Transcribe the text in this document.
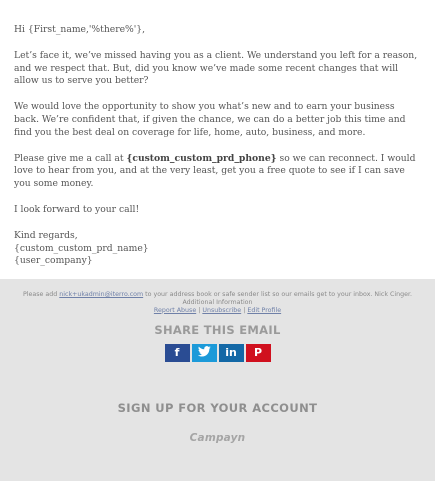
Hi {First_name,'%there%'},

Let’s face it, we’ve missed having you as a client. We understand you left for a reason, and we respect that. But, did you know we’ve made some recent changes that will allow us to serve you better?

We would love the opportunity to show you what’s new and to earn your business back. We’re confident that, if given the chance, we can do a better job this time and find you the best deal on coverage for life, home, auto, business, and more.

Please give me a call at {custom_custom_prd_phone} so we can reconnect. I would love to hear from you, and at the very least, get you a free quote to see if I can save you some money.

I look forward to your call!

Kind regards,

{custom_custom_prd_name}

{user_company}

Please add nick+ukadmin@iterro.com to your address book or safe sender list so our emails get to your inbox. Nick Cinger.
Additional Information
Report Abuse | Unsubscribe | Edit Profile
SHARE THIS EMAIL
f	in P
SIGN UP FOR YOUR ACCOUNT
Campayn
